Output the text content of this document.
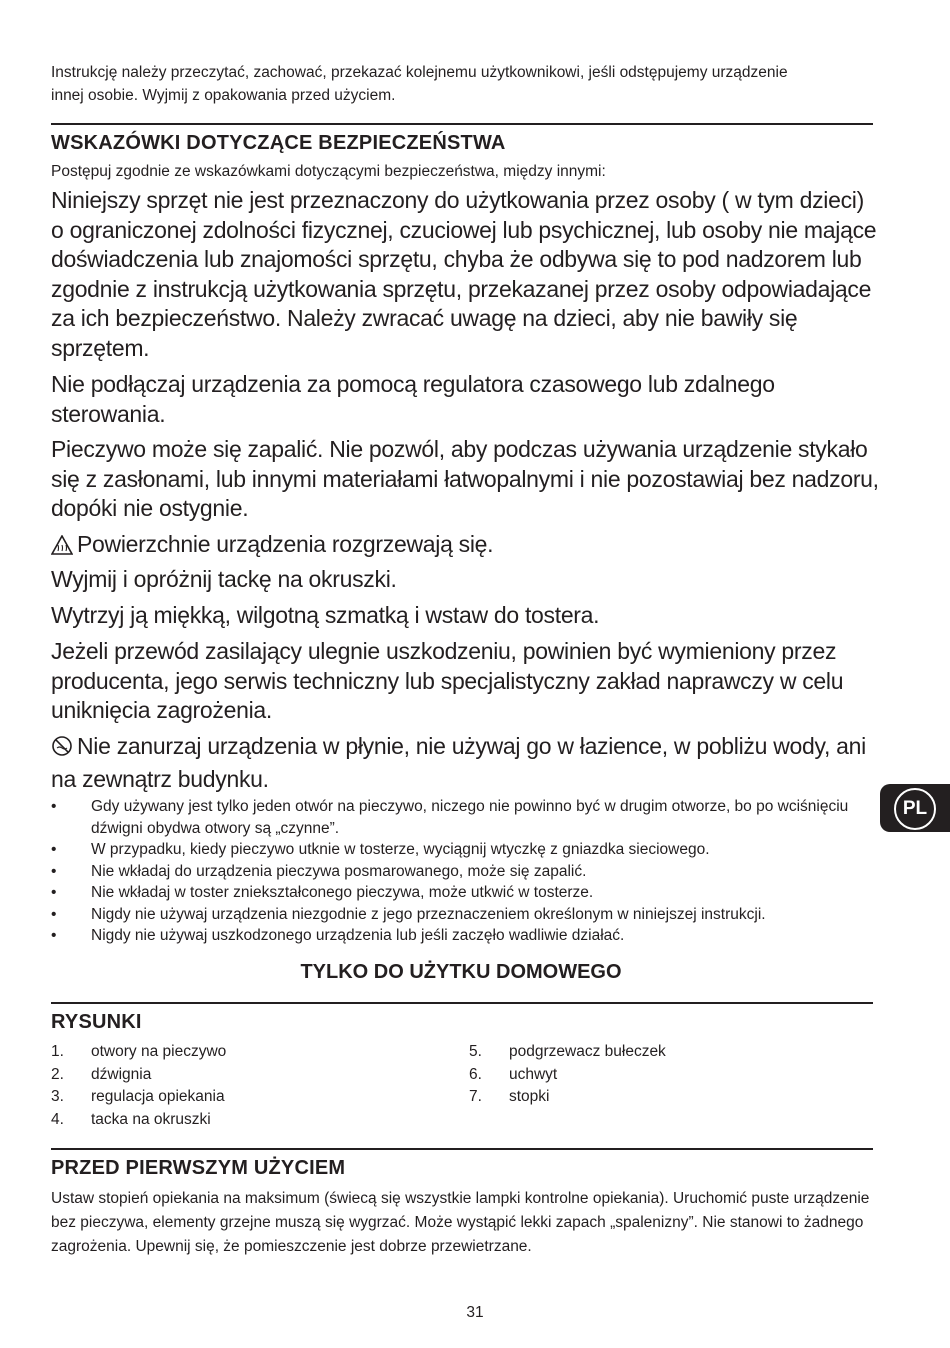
Instrukcję należy przeczytać, zachować, przekazać kolejnemu użytkownikowi, jeśli odstępujemy urządzenie innej osobie. Wyjmij z opakowania przed użyciem.

WSKAZÓWKI DOTYCZĄCE BEZPIECZEŃSTWA

Postępuj zgodnie ze wskazówkami dotyczącymi bezpieczeństwa, między innymi:

Niniejszy sprzęt nie jest przeznaczony do użytkowania przez osoby ( w tym dzieci) o ograniczonej zdolności fizycznej, czuciowej lub psychicznej, lub osoby nie mające doświadczenia lub znajomości sprzętu, chyba że odbywa się to pod nadzorem lub zgodnie z instrukcją użytkowania sprzętu, przekazanej przez osoby odpowiadające za ich bezpieczeństwo. Należy zwracać uwagę na dzieci, aby nie bawiły się sprzętem.

Nie podłączaj urządzenia za pomocą regulatora czasowego lub zdalnego sterowania.

Pieczywo może się zapalić. Nie pozwól, aby podczas używania urządzenie stykało się z zasłonami, lub innymi materiałami łatwopalnymi i nie pozostawiaj bez nadzoru, dopóki nie ostygnie.

Powierzchnie urządzenia rozgrzewają się.

Wyjmij i opróżnij tackę na okruszki.

Wytrzyj ją miękką, wilgotną szmatką i wstaw do tostera.

Jeżeli przewód zasilający ulegnie uszkodzeniu, powinien być wymieniony przez producenta, jego serwis techniczny lub specjalistyczny zakład naprawczy w celu uniknięcia zagrożenia.

Nie zanurzaj urządzenia w płynie, nie używaj go w łazience, w pobliżu wody, ani na zewnątrz budynku.
• Gdy używany jest tylko jeden otwór na pieczywo, niczego nie powinno być w drugim otworze, bo po wciśnięciu dźwigni obydwa otwory są „czynne”.
• W przypadku, kiedy pieczywo utknie w tosterze, wyciągnij wtyczkę z gniazdka sieciowego.
• Nie wkładaj do urządzenia pieczywa posmarowanego, może się zapalić.
• Nie wkładaj w toster zniekształconego pieczywa, może utkwić w tosterze.
• Nigdy nie używaj urządzenia niezgodnie z jego przeznaczeniem określonym w niniejszej instrukcji.
• Nigdy nie używaj uszkodzonego urządzenia lub jeśli zaczęło wadliwie działać.
TYLKO DO UŻYTKU DOMOWEGO
PL
RYSUNKI
1. otwory na pieczywo
2. dźwignia
3. regulacja opiekania
4. tacka na okruszki
5. podgrzewacz bułeczek
6. uchwyt
7. stopki
PRZED PIERWSZYM UŻYCIEM

Ustaw stopień opiekania na maksimum (świecą się wszystkie lampki kontrolne opiekania). Uruchomić puste urządzenie bez pieczywa, elementy grzejne muszą się wygrzać. Może wystąpić lekki zapach „spalenizny”. Nie stanowi to żadnego zagrożenia. Upewnij się, że pomieszczenie jest dobrze przewietrzane.

31
